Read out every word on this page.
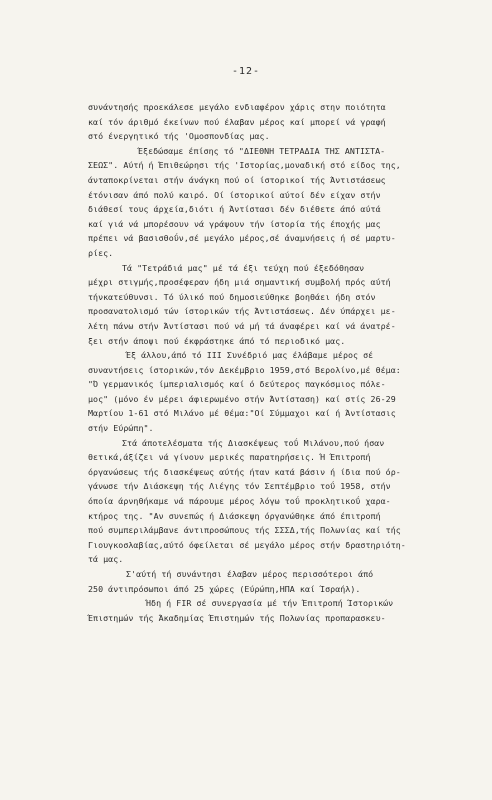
-12-
συνάντησής προεκάλεσε μεγάλο ενδιαφέρον χάρις στην ποιότητα
καί τόν άριθμό έκείνων πού έλαβαν μέρος καί μπορεί νά γραφή
στό ένεργητικό τής 'Ομοσπονδίας μας.
Έξεδώσαμε έπίσης τό "ΔΙΕΘΝΗ ΤΕΤΡΑΔΙΑ ΤΗΣ ΑΝΤΙΣΤΑ-
ΣΕΩΣ". Αύτή ή Έπιθεώρησι τής 'Ιστορίας,μοναδική στό είδος της,
άνταποκρίνεται στήν άνάγκη πού οί ίστορικοί τής Άντιστάσεως
έτόνισαν άπό πολύ καιρό. Οί ίστορικοί αύτοί δέν είχαν στήν
διάθεσί τους άρχεία,διότι ή Άντίστασι δέν διέθετε άπό αύτά
καί γιά νά μπορέσουν νά γράψουν τήν ίστορία τής έποχής μας
πρέπει νά βασισθοΰν,σέ μεγάλο μέρος,σέ άναμνήσεις ή σέ μαρτυ-
ρίες.
Τά "Τετράδιά μας" μέ τά έξι τεύχη πού έξεδόθησαν
μέχρι στιγμής,προσέφεραν ήδη μιά σημαντική συμβολή πρός αύτή
τήνκατεύθυνσι. Τό ύλικό πού δημοσιεύθηκε βοηθάει ήδη στόν
προσανατολισμό τών ίστορικών τής Άντιστάσεως. Δέν ύπάρχει με-
λέτη πάνω στήν Άντίστασι πού νά μή τά άναφέρει καί νά άνατρέ-
ξει στήν άποψι πού έκφράστηκε άπό τό περιοδικό μας.
Έξ άλλου,άπό τό III Συνέδριό μας έλάβαμε μέρος σέ
συναντήσεις ίστορικών,τόν Δεκέμβριο 1959,στό Βερολίνο,μέ θέμα:
"Ό γερμανικός ίμπεριαλισμός καί ό δεύτερος παγκόσμιος πόλε-
μος" (μόνο έν μέρει άφιερωμένο στήν Άντίσταση) καί στίς 26-29
Μαρτίου 1-61 στό Μιλάνο μέ θέμα:"Οί Σύμμαχοι καί ή Άντίστασις
στήν Εύρώπη".
Στά άποτελέσματα τής Διασκέψεως τοΰ Μιλάνου,πού ήσαν
θετικά,άξίζει νά γίνουν μερικές παρατηρήσεις. Ή Έπιτροπή
όργανώσεως τής διασκέψεως αύτής ήταν κατά βάσιν ή ίδια πού όρ-
γάνωσε τήν Διάσκεψη τής Λιέγης τόν Σεπτέμβριο τοΰ 1958, στήν
όποία άρνηθήκαμε νά πάρουμε μέρος λόγω τοΰ προκλητικοΰ χαρα-
κτήρος της. "Αν συνεπώς ή Διάσκεψη όργανώθηκε άπό έπιτροπή
πού συμπεριλάμβανε άντιπροσώπους τής ΣΣΣΔ,τής Πολωνίας καί τής
Γιουγκοσλαβίας,αύτό όφείλεται σέ μεγάλο μέρος στήν δραστηριότη-
τά μας.
Σ'αύτή τή συνάντησι έλαβαν μέρος περισσότεροι άπό
250 άντιπρόσωποι άπό 25 χώρες (Εύρώπη,ΗΠΑ καί Ίσραήλ).
Ήδη ή FIR σέ συνεργασία μέ τήν Έπιτροπή Ίστορικών
Έπιστημών τής Άκαδημίας Έπιστημών τής Πολωνίας προπαρασκευ-
